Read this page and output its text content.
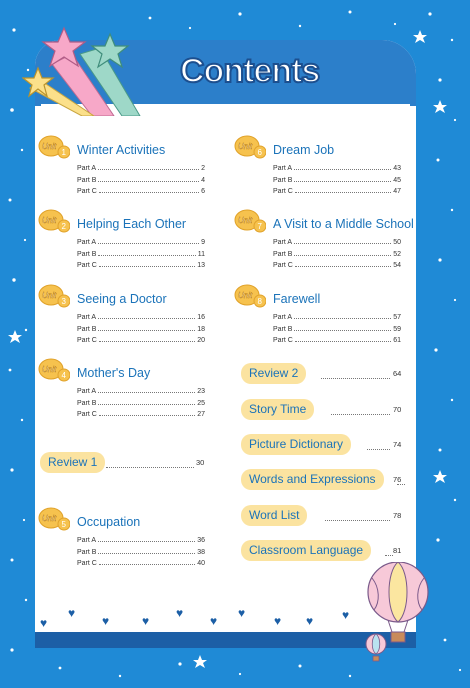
Contents
Unit
1 Winter Activities
Part A	2
Part B	4
Part C	6
Unit
2 Helping Each Other
Part A	9
Part B	11
Part C	13
Unit
3 Seeing a Doctor
Part A	16
Part B	18
Part C	20
Unit
4 Mother's Day
Part A	23
Part B	25
Part C	27
Unit
5 Occupation
Part A	36
Part B	38
Part C	40
Unit
6 Dream Job
Part A	43
Part B	45
Part C	47
Unit
7 A Visit to a Middle School
Part A	50
Part B	52
Part C	54
Unit
8 Farewell
Part A	57
Part B	59
Part C	61
Review 1	30
Review 2	64
Story Time	70
Picture Dictionary	74
Words and Expressions	76
Word List	78
Classroom Language	81
♥
♥
♥	♥
♥
♥
♥
♥ ♥ ♥
